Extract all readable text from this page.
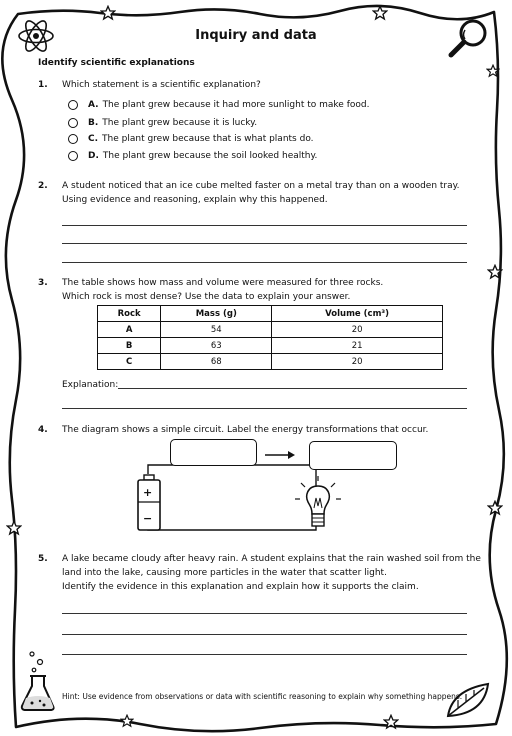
Inquiry and data
Identify scientific explanations
1. Which statement is a scientific explanation?
A. The plant grew because it had more sunlight to make food.
B. The plant grew because it is lucky.
C. The plant grew because that is what plants do.
D. The plant grew because the soil looked healthy.
2. A student noticed that an ice cube melted faster on a metal tray than on a wooden tray.
Using evidence and reasoning, explain why this happened.
3. The table shows how mass and volume were measured for three rocks.
Which rock is most dense? Use the data to explain your answer.
Rock	Mass (g)	Volume (cm³)
A	54	20
B	63	21
C	68	20
Explanation:
4. The diagram shows a simple circuit. Label the energy transformations that occur.
+
−
5. A lake became cloudy after heavy rain. A student explains that the rain washed soil from the
land into the lake, causing more particles in the water that scatter light.
Identify the evidence in this explanation and explain how it supports the claim.
Hint: Use evidence from observations or data with scientific reasoning to explain why something happens.
